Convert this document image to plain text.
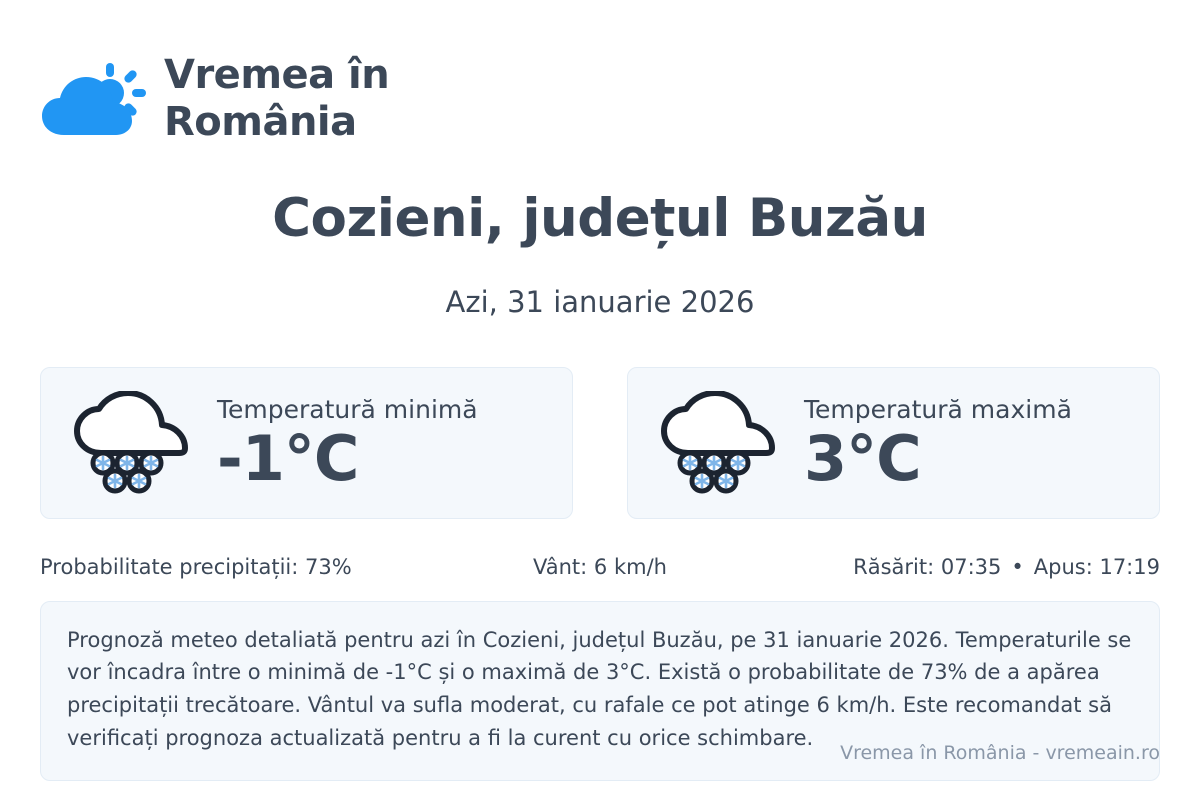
Vremea în
România
Cozieni, județul Buzău
Azi, 31 ianuarie 2026
Temperatură minimă
-1°C
Temperatură maximă
3°C
Probabilitate precipitații: 73%	Vânt: 6 km/h	Răsărit: 07:35 • Apus: 17:19
Prognoză meteo detaliată pentru azi în Cozieni, județul Buzău, pe 31 ianuarie 2026. Temperaturile se vor încadra între o minimă de -1°C și o maximă de 3°C. Există o probabilitate de 73% de a apărea precipitații trecătoare. Vântul va sufla moderat, cu rafale ce pot atinge 6 km/h. Este recomandat să verificați prognoza actualizată pentru a fi la curent cu orice schimbare.
Vremea în România - vremeain.ro
